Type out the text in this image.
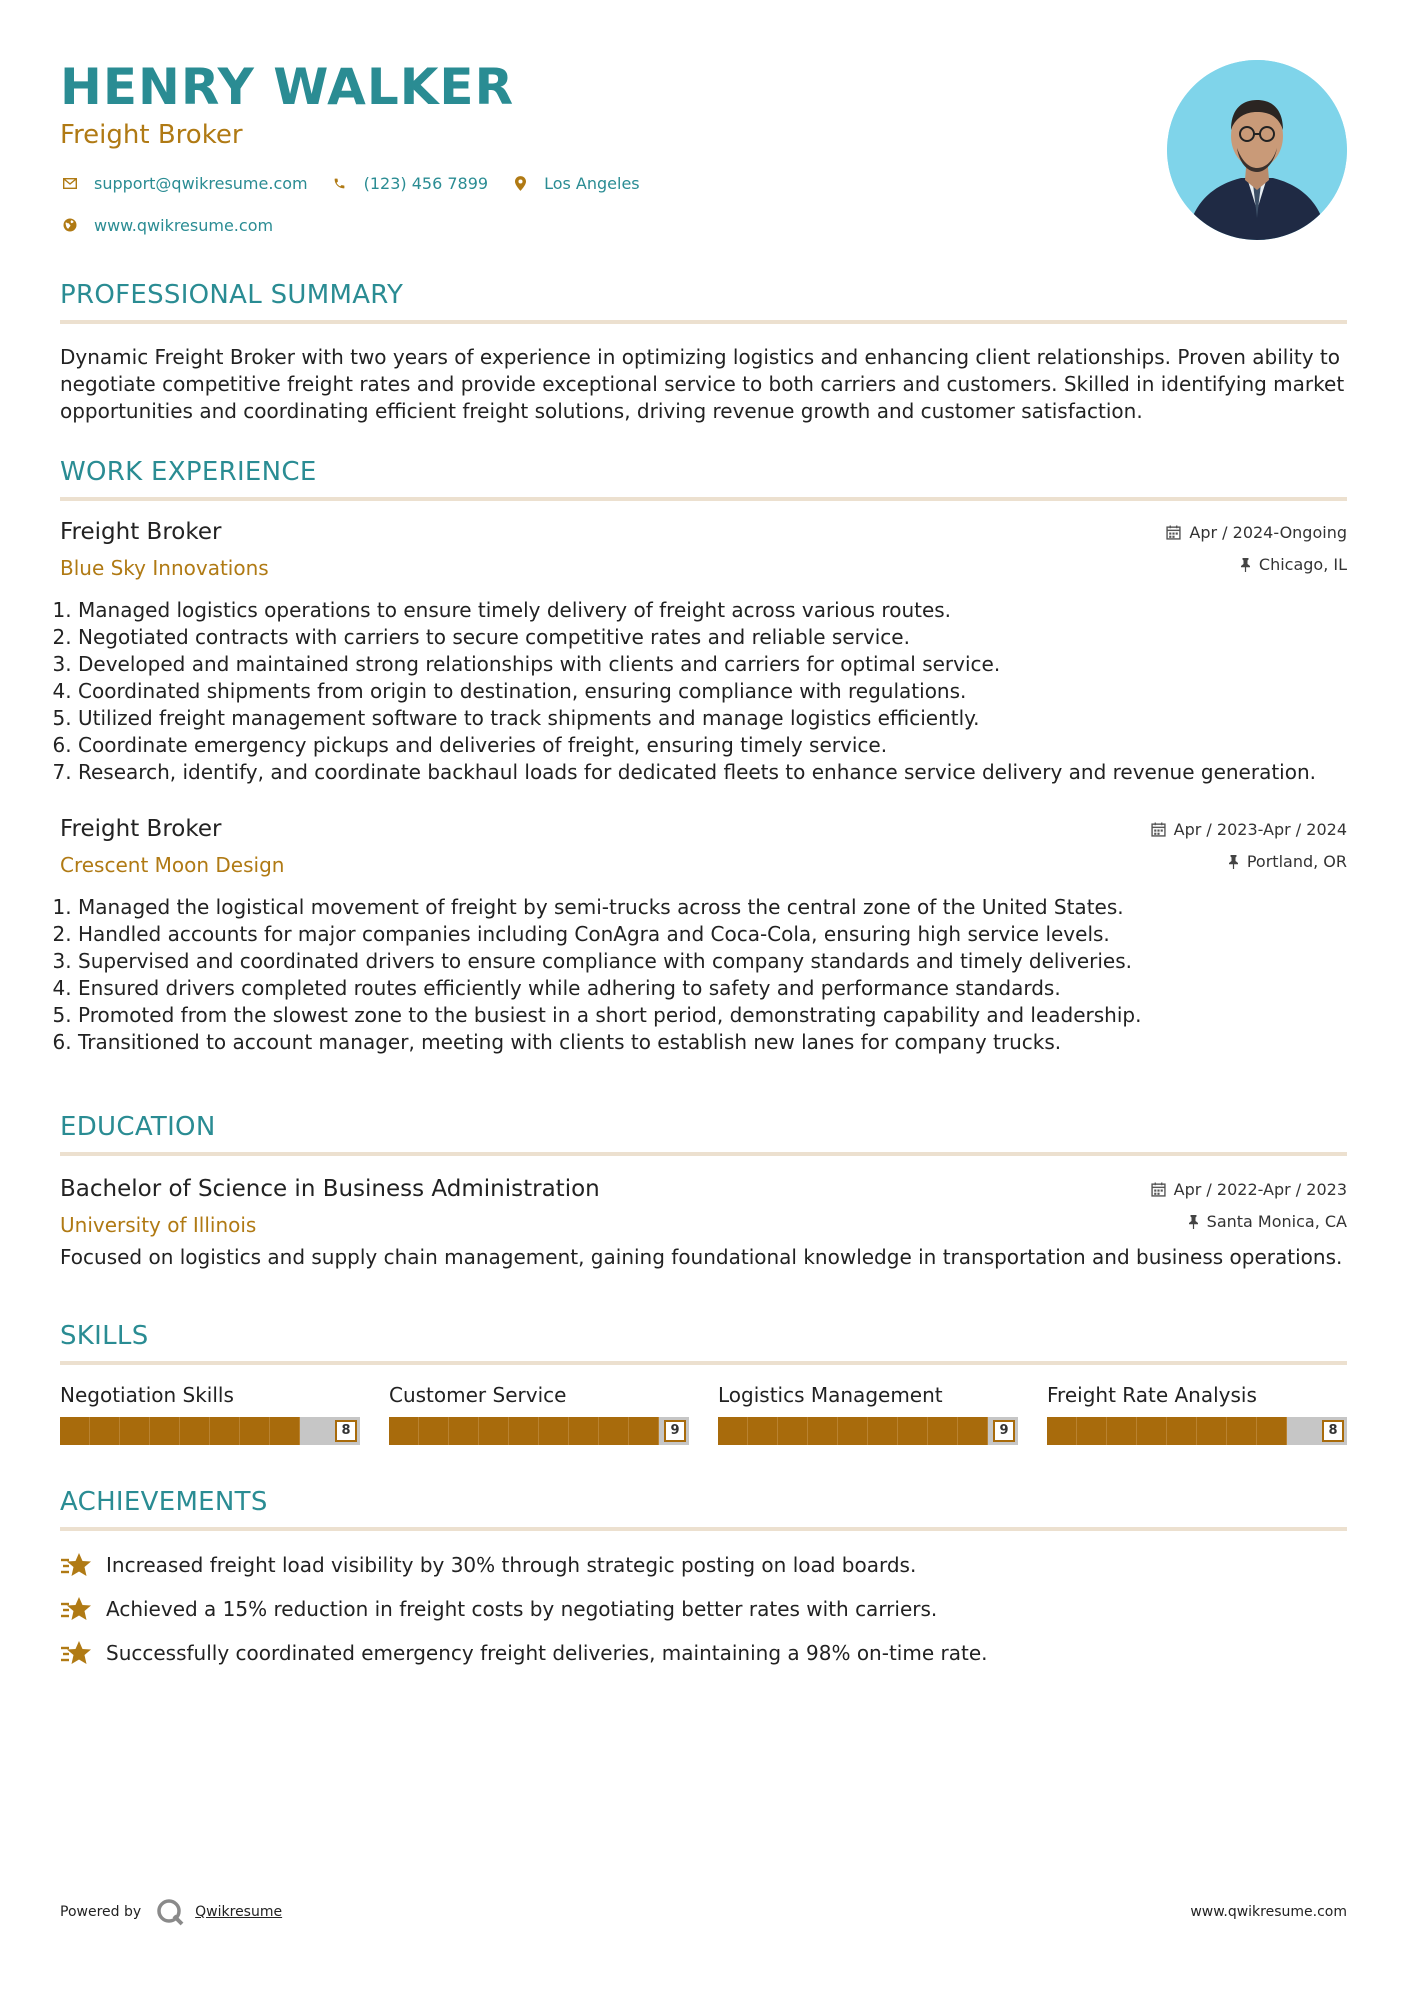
HENRY WALKER
Freight Broker
support@qwikresume.com	(123) 456 7899	Los Angeles
www.qwikresume.com
PROFESSIONAL SUMMARY

Dynamic Freight Broker with two years of experience in optimizing logistics and enhancing client relationships. Proven ability to negotiate competitive freight rates and provide exceptional service to both carriers and customers. Skilled in identifying market opportunities and coordinating efficient freight solutions, driving revenue growth and customer satisfaction.

WORK EXPERIENCE
Freight Broker
Blue Sky Innovations
Apr / 2024-Ongoing
Chicago, IL
1. Managed logistics operations to ensure timely delivery of freight across various routes.
2. Negotiated contracts with carriers to secure competitive rates and reliable service.
3. Developed and maintained strong relationships with clients and carriers for optimal service.
4. Coordinated shipments from origin to destination, ensuring compliance with regulations.
5. Utilized freight management software to track shipments and manage logistics efficiently.
6. Coordinate emergency pickups and deliveries of freight, ensuring timely service.
7. Research, identify, and coordinate backhaul loads for dedicated fleets to enhance service delivery and revenue generation.
Freight Broker
Crescent Moon Design
Apr / 2023-Apr / 2024
Portland, OR
1. Managed the logistical movement of freight by semi-trucks across the central zone of the United States.
2. Handled accounts for major companies including ConAgra and Coca-Cola, ensuring high service levels.
3. Supervised and coordinated drivers to ensure compliance with company standards and timely deliveries.
4. Ensured drivers completed routes efficiently while adhering to safety and performance standards.
5. Promoted from the slowest zone to the busiest in a short period, demonstrating capability and leadership.
6. Transitioned to account manager, meeting with clients to establish new lanes for company trucks.
EDUCATION
Bachelor of Science in Business Administration
University of Illinois
Apr / 2022-Apr / 2023
Santa Monica, CA

Focused on logistics and supply chain management, gaining foundational knowledge in transportation and business operations.

SKILLS
Negotiation Skills
8
Customer Service
9
Logistics Management
9
Freight Rate Analysis
8
ACHIEVEMENTS
Increased freight load visibility by 30% through strategic posting on load boards.
Achieved a 15% reduction in freight costs by negotiating better rates with carriers.
Successfully coordinated emergency freight deliveries, maintaining a 98% on-time rate.
Powered by	Qwikresume	www.qwikresume.com
